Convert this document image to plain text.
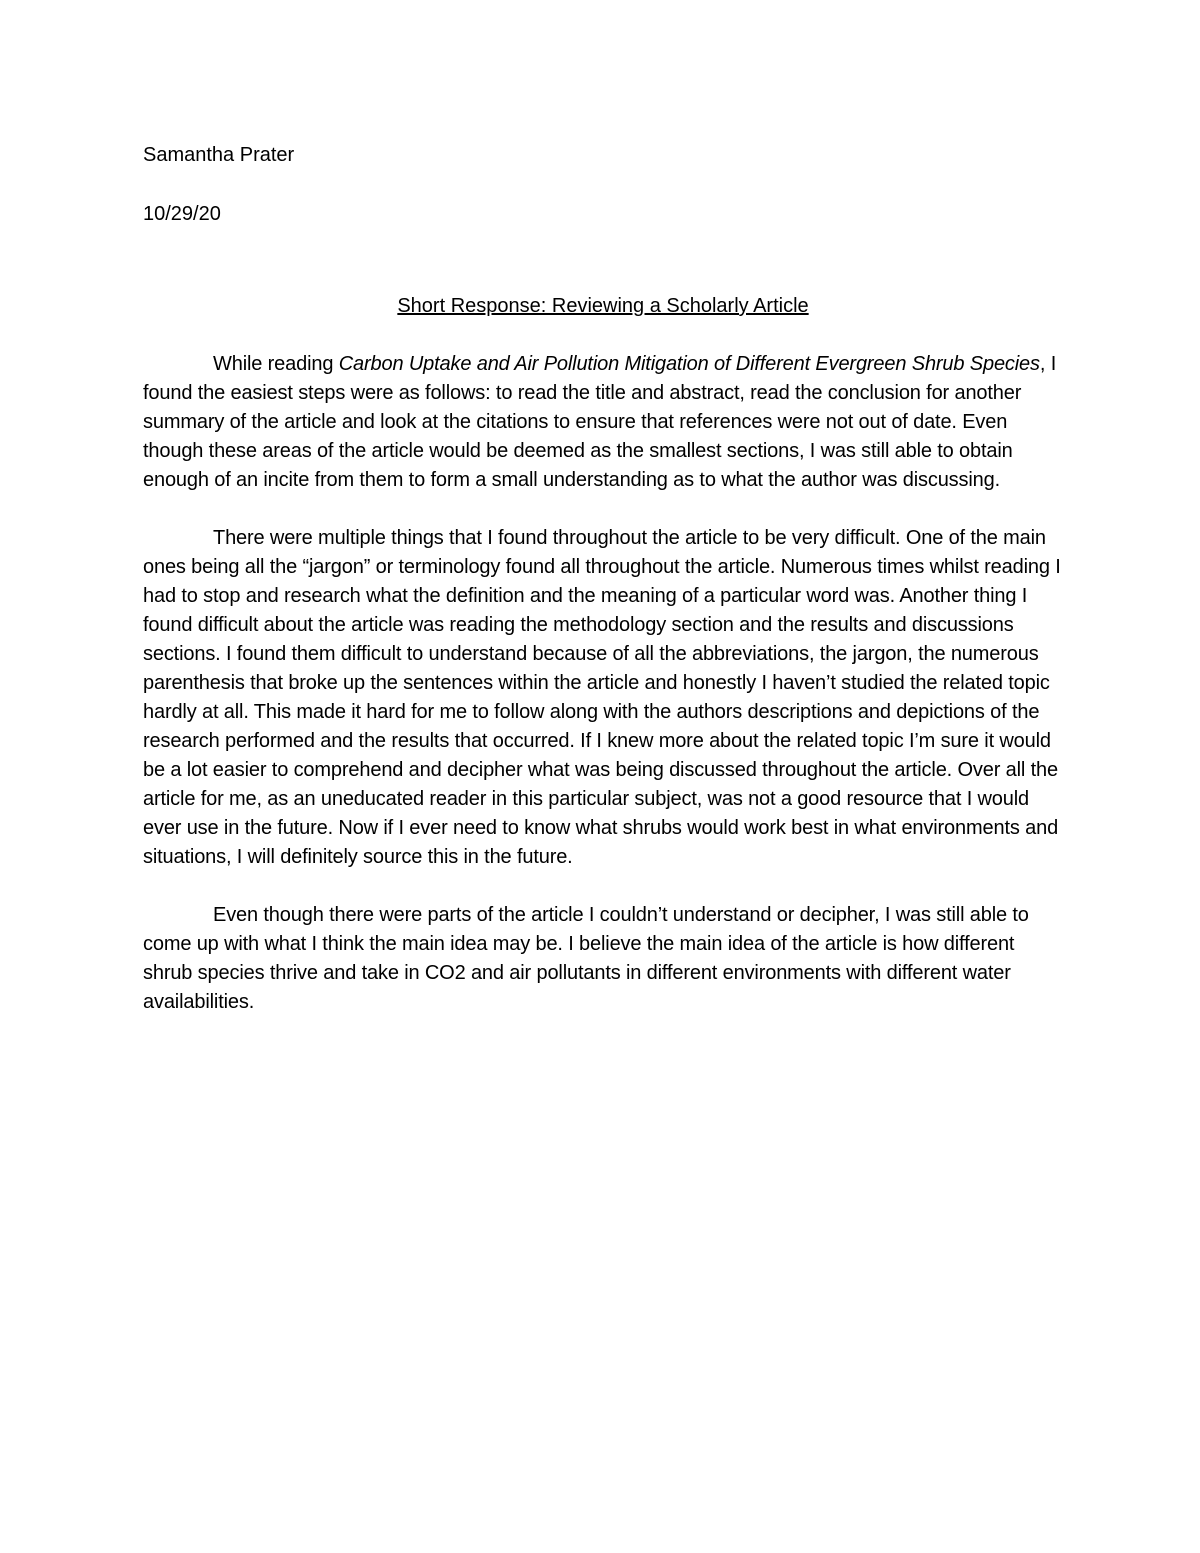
Samantha Prater

10/29/20

Short Response: Reviewing a Scholarly Article

While reading Carbon Uptake and Air Pollution Mitigation of Different Evergreen Shrub Species, I found the easiest steps were as follows: to read the title and abstract, read the conclusion for another summary of the article and look at the citations to ensure that references were not out of date. Even though these areas of the article would be deemed as the smallest sections, I was still able to obtain enough of an incite from them to form a small understanding as to what the author was discussing.

There were multiple things that I found throughout the article to be very difficult. One of the main ones being all the “jargon” or terminology found all throughout the article. Numerous times whilst reading I had to stop and research what the definition and the meaning of a particular word was. Another thing I found difficult about the article was reading the methodology section and the results and discussions sections. I found them difficult to understand because of all the abbreviations, the jargon, the numerous parenthesis that broke up the sentences within the article and honestly I haven’t studied the related topic hardly at all. This made it hard for me to follow along with the authors descriptions and depictions of the research performed and the results that occurred. If I knew more about the related topic I’m sure it would be a lot easier to comprehend and decipher what was being discussed throughout the article. Over all the article for me, as an uneducated reader in this particular subject, was not a good resource that I would ever use in the future. Now if I ever need to know what shrubs would work best in what environments and situations, I will definitely source this in the future.

Even though there were parts of the article I couldn’t understand or decipher, I was still able to come up with what I think the main idea may be. I believe the main idea of the article is how different shrub species thrive and take in CO2 and air pollutants in different environments with different water availabilities.
